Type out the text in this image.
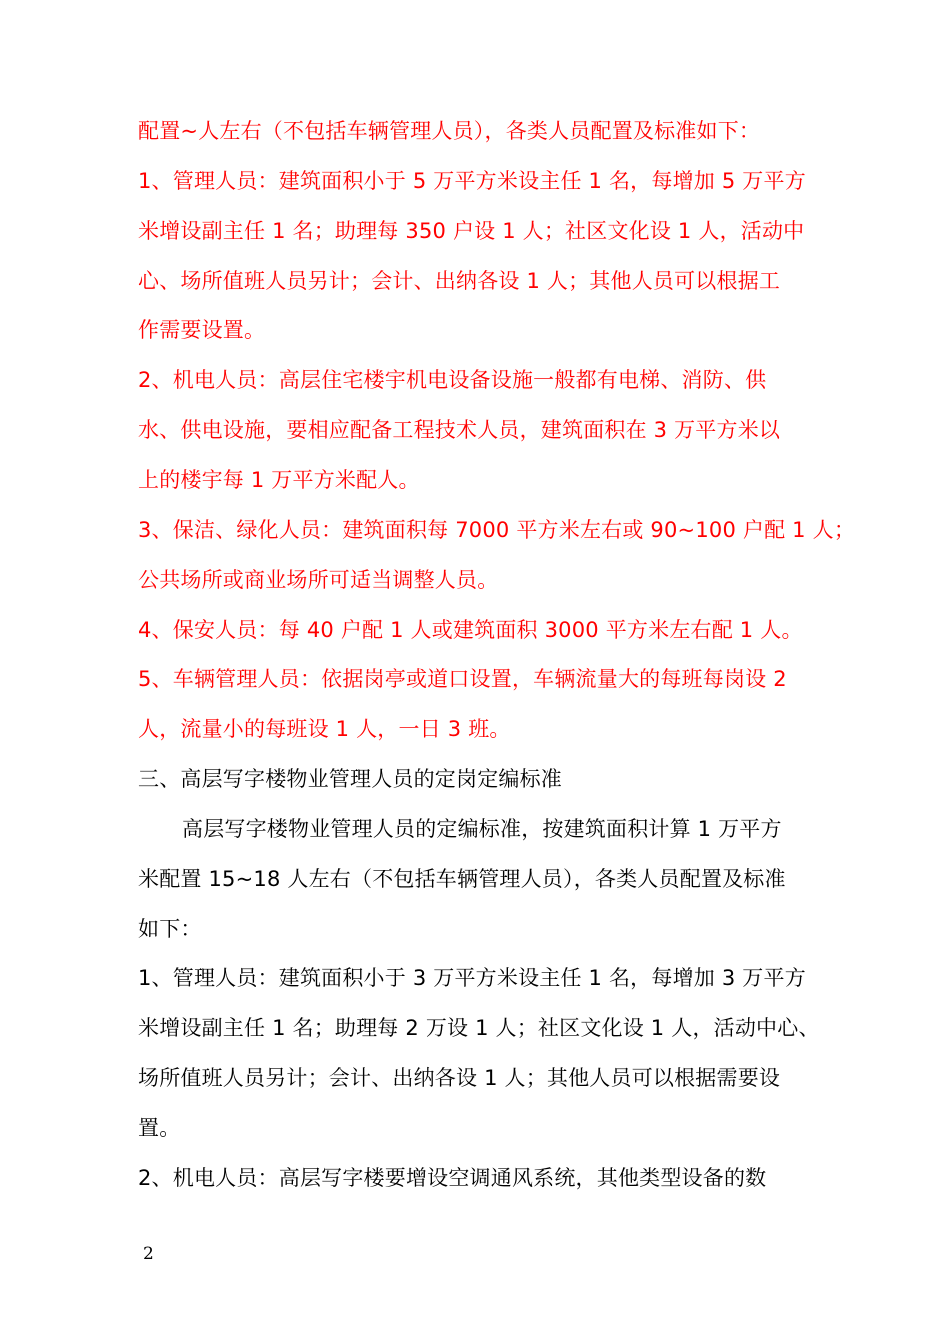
配置~人左右（不包括车辆管理人员），各类人员配置及标准如下：
1、管理人员：建筑面积小于 5 万平方米设主任 1 名，每增加 5 万平方
米增设副主任 1 名；助理每 350 户设 1 人；社区文化设 1 人，活动中
心、场所值班人员另计；会计、出纳各设 1 人；其他人员可以根据工
作需要设置。
2、机电人员：高层住宅楼宇机电设备设施一般都有电梯、消防、供
水、供电设施，要相应配备工程技术人员，建筑面积在 3 万平方米以
上的楼宇每 1 万平方米配人。
3、保洁、绿化人员：建筑面积每 7000 平方米左右或 90~100 户配 1 人；
公共场所或商业场所可适当调整人员。
4、保安人员：每 40 户配 1 人或建筑面积 3000 平方米左右配 1 人。
5、车辆管理人员：依据岗亭或道口设置，车辆流量大的每班每岗设 2
人，流量小的每班设 1 人，一日 3 班。
三、高层写字楼物业管理人员的定岗定编标准
高层写字楼物业管理人员的定编标准，按建筑面积计算 1 万平方
米配置 15~18 人左右（不包括车辆管理人员），各类人员配置及标准
如下：
1、管理人员：建筑面积小于 3 万平方米设主任 1 名，每增加 3 万平方
米增设副主任 1 名；助理每 2 万设 1 人；社区文化设 1 人，活动中心、
场所值班人员另计；会计、出纳各设 1 人；其他人员可以根据需要设
置。
2、机电人员：高层写字楼要增设空调通风系统，其他类型设备的数
2
